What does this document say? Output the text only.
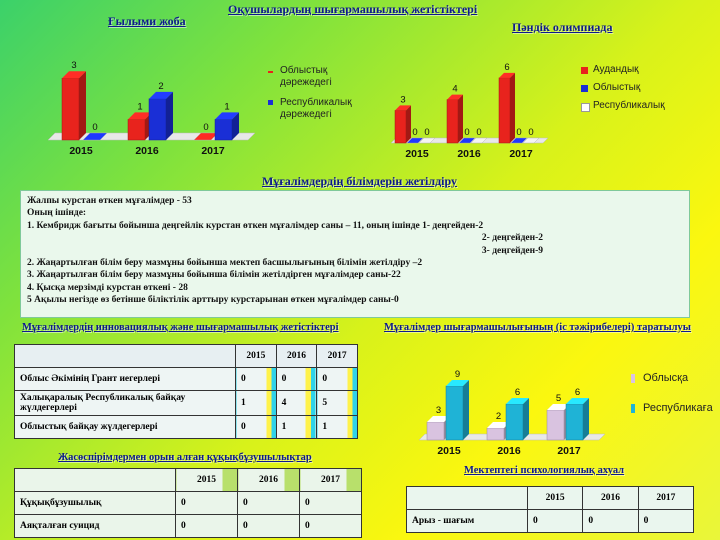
Оқушылардың шығармашылық жетістіктері
Ғылыми жоба	Пәндік олимпиада
Мұғалімдердің білімдерін жетілдіру
Мұғалімдердің инновациялық және шығармашылық жетістіктері	Мұғалімдер шығармашылығының (іс тәжірибелері) таратылуы
Жасөспірімдермен орын алған құқықбұзушылықтар
Мектептегі психологиялық ахуал
3
0
2015
1
2
2016
0
1
2017
Облыстық
дәрежедегі
Республикалық
дәрежедегі
3
0 0
2015
4
0 0
2016
6
0 0
2017
Аудандық
Облыстық
Республикалық
Жалпы курстан өткен мұғалімдер - 53
Оның ішінде:
1. Кембридж бағыты бойынша деңгейлік курстан өткен мұғалімдер саны – 11, оның ішінде 1- деңгейден-2
2- деңгейден-2
3- деңгейден-9
2. Жаңартылған білім беру мазмұны бойынша мектеп басшылығының білімін жетілдіру –2
3. Жаңартылған білім беру мазмұны бойынша білімін жетілдірген мұғалімдер саны-22
4. Қысқа мерзімді курстан өткені - 28
5 Ақылы негізде өз бетінше біліктілік арттыру курстарынан өткен мұғалімдер саны-0
	2015	2016	2017
Облыс Әкімінің Грант иегерлері	0	0	0
Халықаралық Республикалық байқау жүлдегерлері	1	4	5
Облыстық байқау жүлдегерлері	0	1	1
3
9
2015
2
6
2016
5
6
2017
Облысқа
Республикаға
	2015	2016	2017
Құқықбұзушылық	0	0	0
Аяқталған суицид	0	0	0
	2015	2016	2017
Арыз - шағым	0	0	0
